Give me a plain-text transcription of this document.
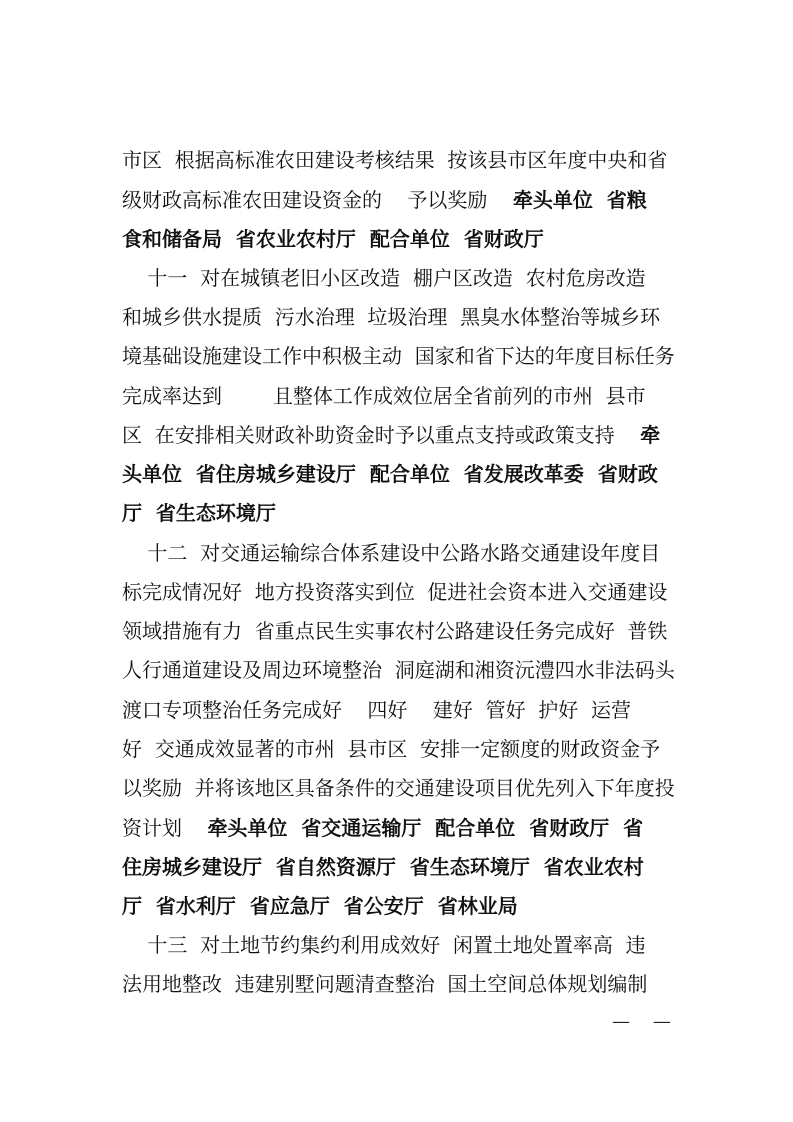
市区  根据高标准农田建设考核结果  按该县市区年度中央和省
级财政高标准农田建设资金的    予以奖励    牵头单位  省粮
食和储备局  省农业农村厅  配合单位  省财政厅
十一  对在城镇老旧小区改造  棚户区改造  农村危房改造
和城乡供水提质  污水治理  垃圾治理  黑臭水体整治等城乡环
境基础设施建设工作中积极主动  国家和省下达的年度目标任务
完成率达到        且整体工作成效位居全省前列的市州  县市
区  在安排相关财政补助资金时予以重点支持或政策支持    牵
头单位  省住房城乡建设厅  配合单位  省发展改革委  省财政
厅  省生态环境厅
十二  对交通运输综合体系建设中公路水路交通建设年度目
标完成情况好  地方投资落实到位  促进社会资本进入交通建设
领域措施有力  省重点民生实事农村公路建设任务完成好  普铁
人行通道建设及周边环境整治  洞庭湖和湘资沅澧四水非法码头
渡口专项整治任务完成好    四好    建好  管好  护好  运营
好  交通成效显著的市州  县市区  安排一定额度的财政资金予
以奖励  并将该地区具备条件的交通建设项目优先列入下年度投
资计划    牵头单位  省交通运输厅  配合单位  省财政厅  省
住房城乡建设厅  省自然资源厅  省生态环境厅  省农业农村
厅  省水利厅  省应急厅  省公安厅  省林业局
十三  对土地节约集约利用成效好  闲置土地处置率高  违
法用地整改  违建别墅问题清查整治  国土空间总体规划编制
—    —
